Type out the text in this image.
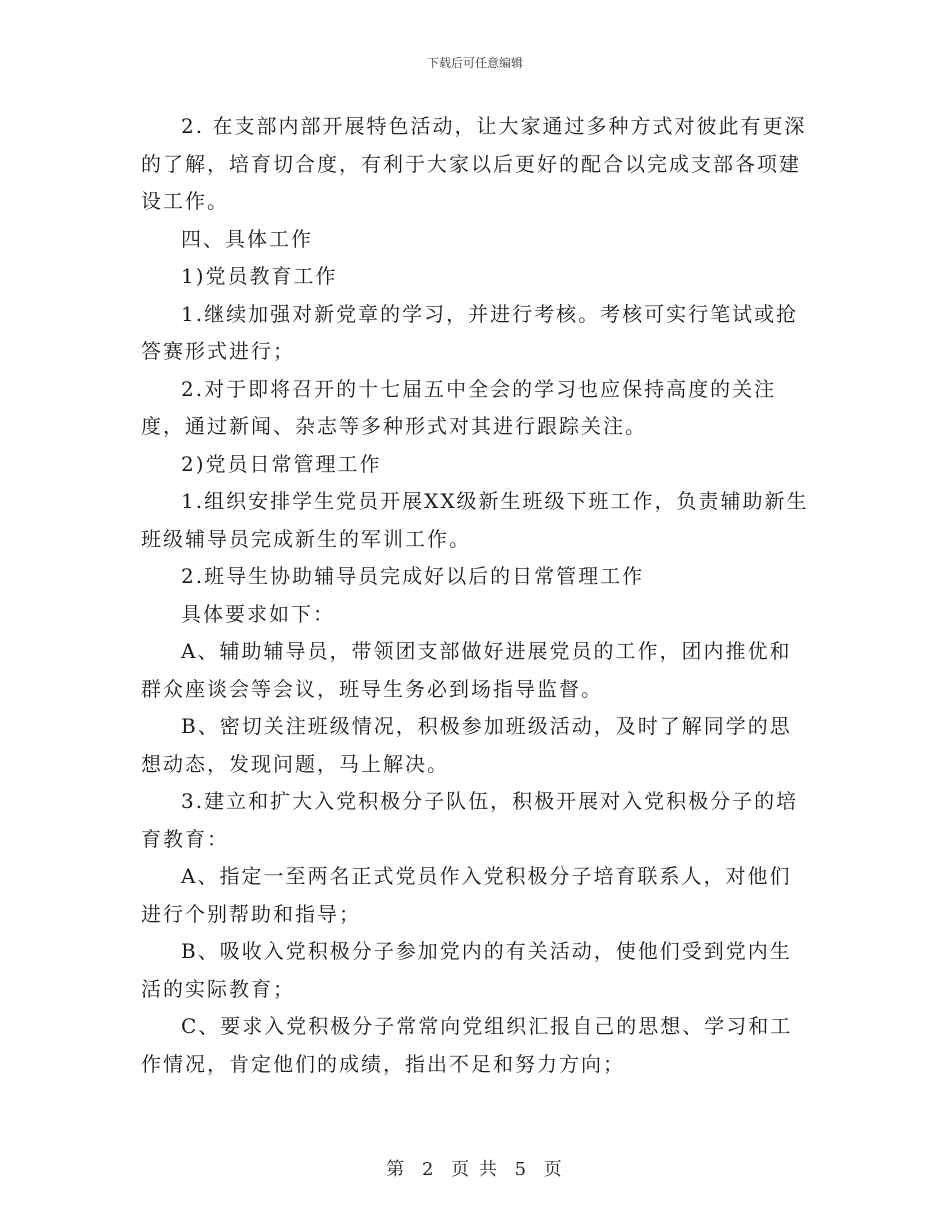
下载后可任意编辑

2. 在支部内部开展特色活动，让大家通过多种方式对彼此有更深的了解，培育切合度，有利于大家以后更好的配合以完成支部各项建设工作。

四、具体工作

1)党员教育工作

1.继续加强对新党章的学习，并进行考核。考核可实行笔试或抢答赛形式进行；

2.对于即将召开的十七届五中全会的学习也应保持高度的关注度，通过新闻、杂志等多种形式对其进行跟踪关注。

2)党员日常管理工作

1.组织安排学生党员开展XX级新生班级下班工作，负责辅助新生班级辅导员完成新生的军训工作。

2.班导生协助辅导员完成好以后的日常管理工作

具体要求如下：

A、辅助辅导员，带领团支部做好进展党员的工作，团内推优和群众座谈会等会议，班导生务必到场指导监督。

B、密切关注班级情况，积极参加班级活动，及时了解同学的思想动态，发现问题，马上解决。

3.建立和扩大入党积极分子队伍，积极开展对入党积极分子的培育教育：

A、指定一至两名正式党员作入党积极分子培育联系人，对他们进行个别帮助和指导；

B、吸收入党积极分子参加党内的有关活动，使他们受到党内生活的实际教育；

C、要求入党积极分子常常向党组织汇报自己的思想、学习和工作情况，肯定他们的成绩，指出不足和努力方向；

第 2 页 共 5 页
